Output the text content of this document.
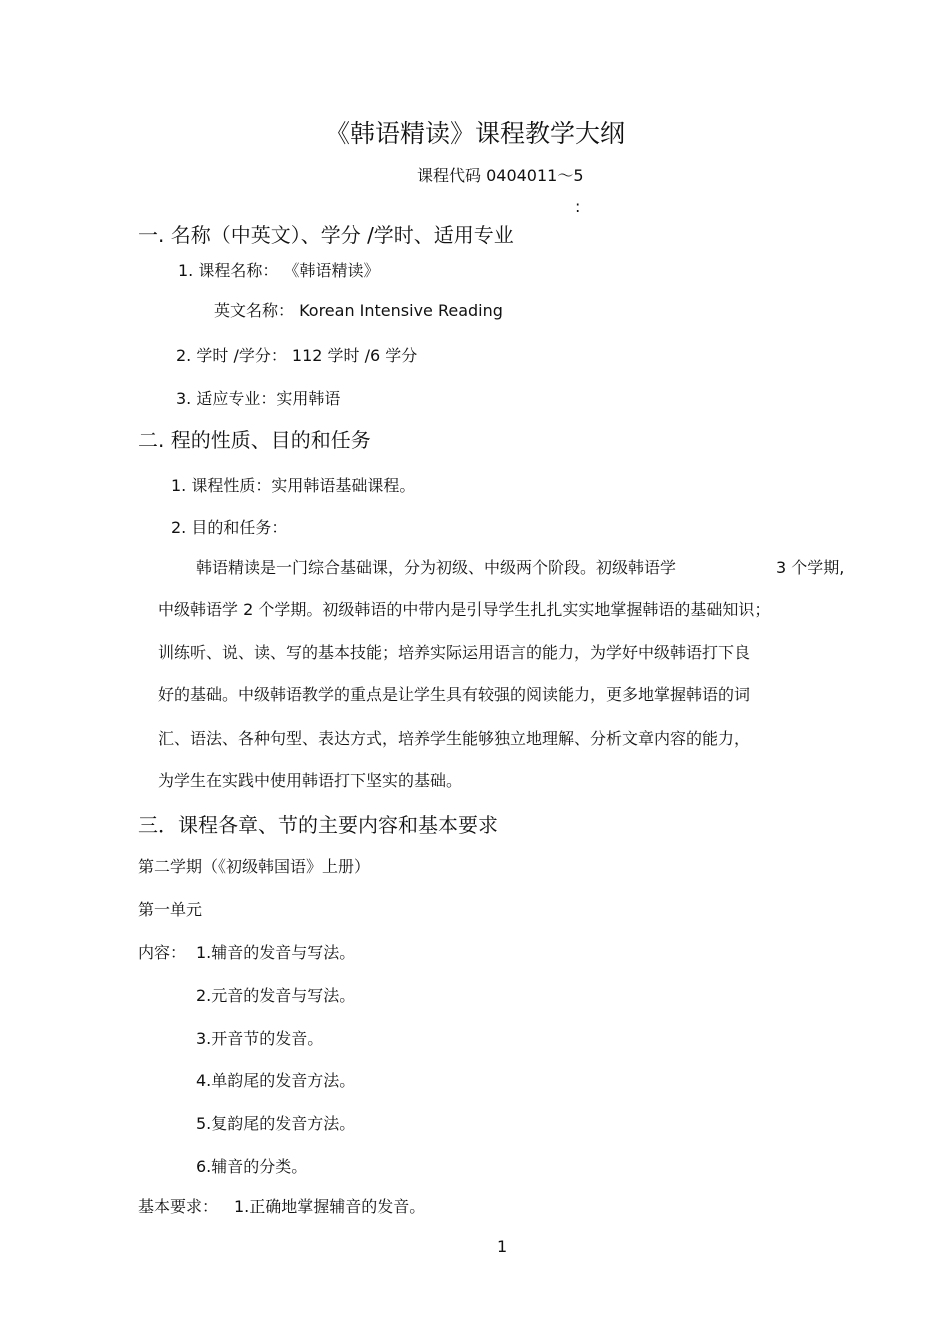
《韩语精读》课程教学大纲
课程代码 0404011～5
:
一. 名称（中英文）、学分 /学时、适用专业
1. 课程名称： 《韩语精读》
英文名称： Korean Intensive Reading
2. 学时 /学分： 112 学时 /6 学分
3. 适应专业：实用韩语
二. 程的性质、目的和任务
1. 课程性质：实用韩语基础课程。
2. 目的和任务：
韩语精读是一门综合基础课，分为初级、中级两个阶段。初级韩语学	3 个学期,
中级韩语学 2 个学期。初级韩语的中带内是引导学生扎扎实实地掌握韩语的基础知识；
训练听、说、读、写的基本技能；培养实际运用语言的能力，为学好中级韩语打下良
好的基础。中级韩语教学的重点是让学生具有较强的阅读能力，更多地掌握韩语的词
汇、语法、各种句型、表达方式，培养学生能够独立地理解、分析文章内容的能力，
为学生在实践中使用韩语打下坚实的基础。
三．课程各章、节的主要内容和基本要求
第二学期（《初级韩国语》上册）
第一单元
内容： 1.辅音的发音与写法。
2.元音的发音与写法。
3.开音节的发音。
4.单韵尾的发音方法。
5.复韵尾的发音方法。
6.辅音的分类。
基本要求： 1.正确地掌握辅音的发音。
1
